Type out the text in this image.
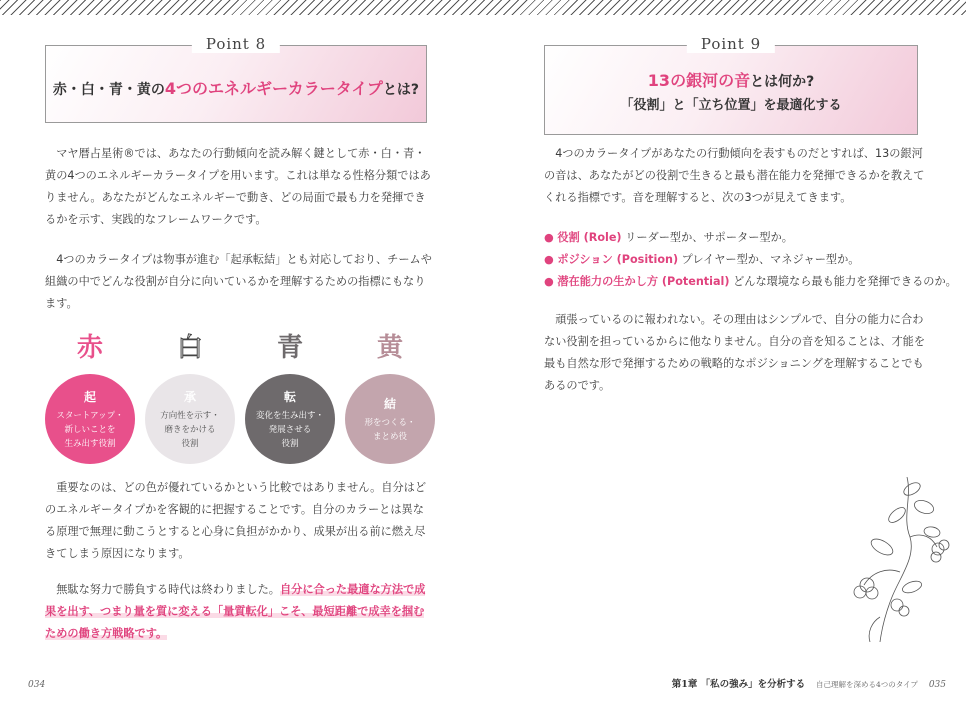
Point 8
赤・白・青・黄の4つのエネルギーカラータイプとは?

マヤ暦占星術®では、あなたの行動傾向を読み解く鍵として赤・白・青・黄の4つのエネルギーカラータイプを用います。これは単なる性格分類ではありません。あなたがどんなエネルギーで動き、どの局面で最も力を発揮できるかを示す、実践的なフレームワークです。

4つのカラータイプは物事が進む「起承転結」とも対応しており、チームや組織の中でどんな役割が自分に向いているかを理解するための指標にもなります。

赤
起
スタートアップ・
新しいことを
生み出す役割
白
承
方向性を示す・
磨きをかける
役割
青
転
変化を生み出す・
発展させる
役割
黄
結
形をつくる・
まとめ役

重要なのは、どの色が優れているかという比較ではありません。自分はどのエネルギータイプかを客観的に把握することです。自分のカラーとは異なる原理で無理に動こうとすると心身に負担がかかり、成果が出る前に燃え尽きてしまう原因になります。

無駄な努力で勝負する時代は終わりました。自分に合った最適な方法で成果を出す、つまり量を質に変える「量質転化」こそ、最短距離で成幸を掴むための働き方戦略です。

034
Point 9
13の銀河の音とは何か?
「役割」と「立ち位置」を最適化する

4つのカラータイプがあなたの行動傾向を表すものだとすれば、13の銀河の音は、あなたがどの役割で生きると最も潜在能力を発揮できるかを教えてくれる指標です。音を理解すると、次の3つが見えてきます。

● 役割 (Role) リーダー型か、サポーター型か。
● ポジション (Position) プレイヤー型か、マネジャー型か。
● 潜在能力の生かし方 (Potential) どんな環境なら最も能力を発揮できるのか。

頑張っているのに報われない。その理由はシンプルで、自分の能力に合わない役割を担っているからに他なりません。自分の音を知ることは、才能を最も自然な形で発揮するための戦略的なポジショニングを理解することでもあるのです。

第1章 「私の強み」を分析する 自己理解を深める4つのタイプ 035
